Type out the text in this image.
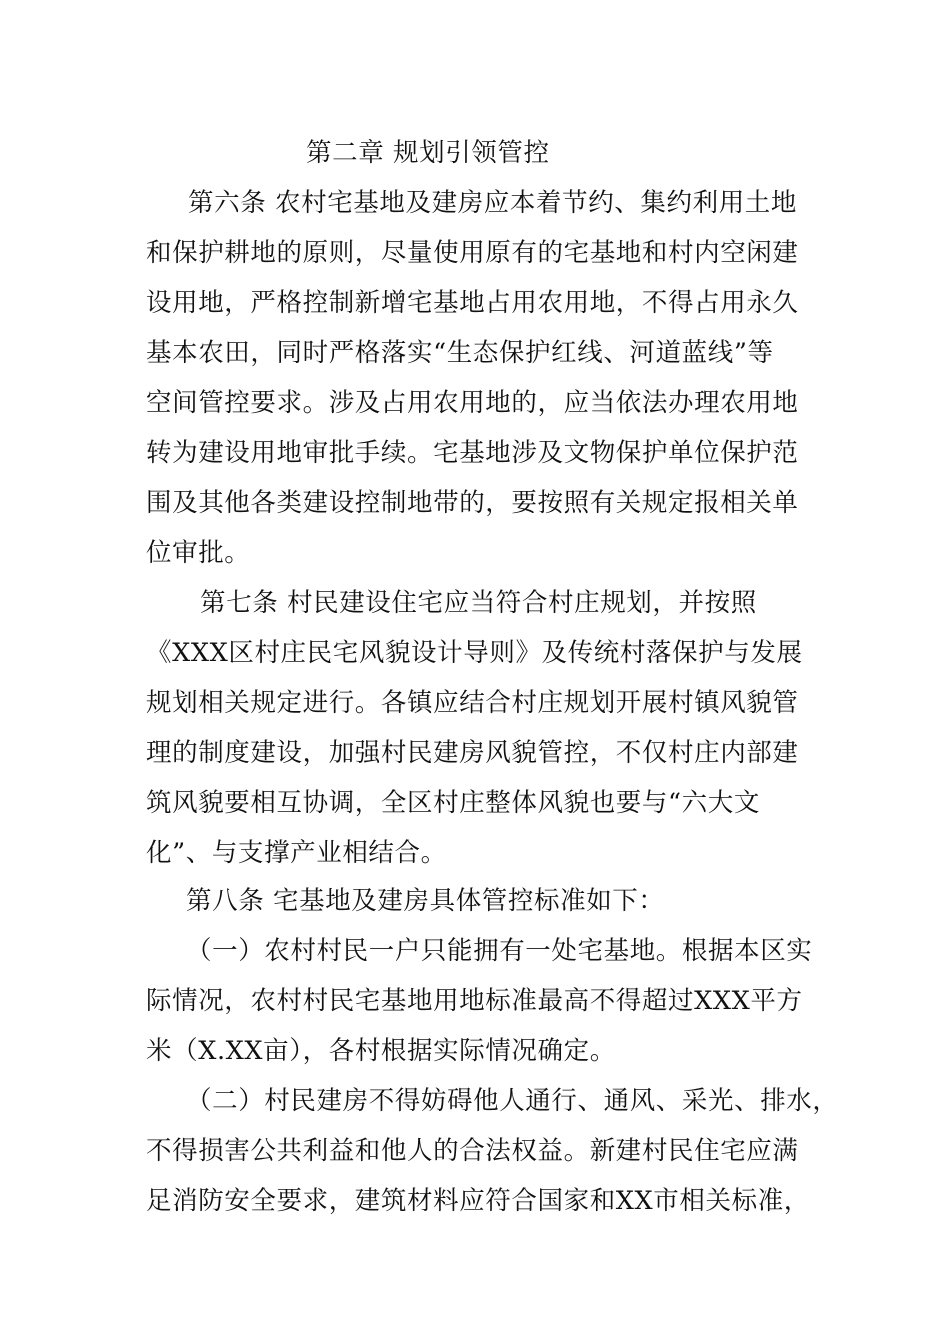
第二章 规划引领管控
第六条 农村宅基地及建房应本着节约、集约利用土地
和保护耕地的原则，尽量使用原有的宅基地和村内空闲建
设用地，严格控制新增宅基地占用农用地，不得占用永久
基本农田，同时严格落实“生态保护红线、河道蓝线”等
空间管控要求。涉及占用农用地的，应当依法办理农用地
转为建设用地审批手续。宅基地涉及文物保护单位保护范
围及其他各类建设控制地带的，要按照有关规定报相关单
位审批。
第七条 村民建设住宅应当符合村庄规划，并按照
《XXX区村庄民宅风貌设计导则》及传统村落保护与发展
规划相关规定进行。各镇应结合村庄规划开展村镇风貌管
理的制度建设，加强村民建房风貌管控，不仅村庄内部建
筑风貌要相互协调，全区村庄整体风貌也要与“六大文
化”、与支撑产业相结合。
第八条 宅基地及建房具体管控标准如下：
（一）农村村民一户只能拥有一处宅基地。根据本区实
际情况，农村村民宅基地用地标准最高不得超过XXX平方
米（X.XX亩），各村根据实际情况确定。
（二）村民建房不得妨碍他人通行、通风、采光、排水，
不得损害公共利益和他人的合法权益。新建村民住宅应满
足消防安全要求，建筑材料应符合国家和XX市相关标准，
